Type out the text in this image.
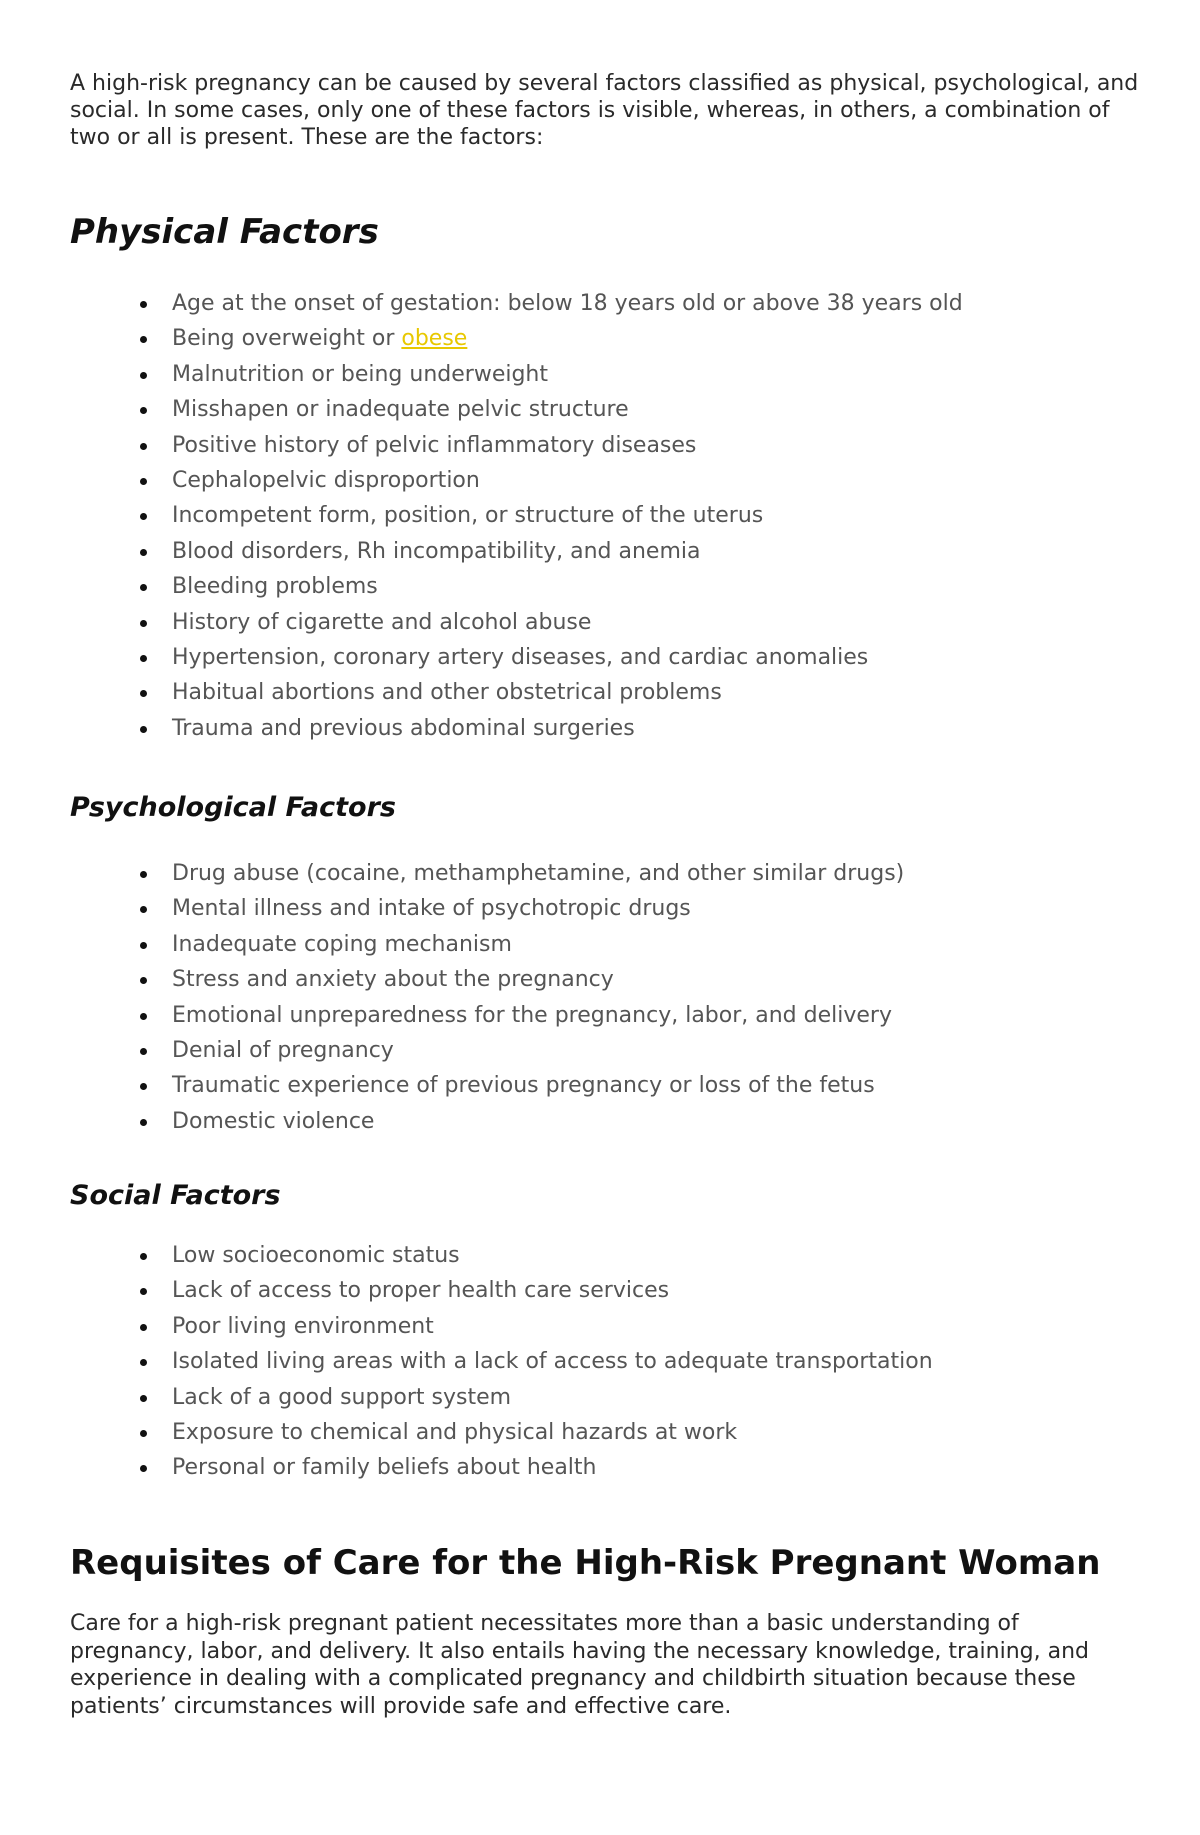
A high-risk pregnancy can be caused by several factors classified as physical, psychological, and social. In some cases, only one of these factors is visible, whereas, in others, a combination of two or all is present. These are the factors:

Physical Factors
Age at the onset of gestation: below 18 years old or above 38 years old
Being overweight or obese
Malnutrition or being underweight
Misshapen or inadequate pelvic structure
Positive history of pelvic inflammatory diseases
Cephalopelvic disproportion
Incompetent form, position, or structure of the uterus
Blood disorders, Rh incompatibility, and anemia
Bleeding problems
History of cigarette and alcohol abuse
Hypertension, coronary artery diseases, and cardiac anomalies
Habitual abortions and other obstetrical problems
Trauma and previous abdominal surgeries
Psychological Factors
Drug abuse (cocaine, methamphetamine, and other similar drugs)
Mental illness and intake of psychotropic drugs
Inadequate coping mechanism
Stress and anxiety about the pregnancy
Emotional unpreparedness for the pregnancy, labor, and delivery
Denial of pregnancy
Traumatic experience of previous pregnancy or loss of the fetus
Domestic violence
Social Factors
Low socioeconomic status
Lack of access to proper health care services
Poor living environment
Isolated living areas with a lack of access to adequate transportation
Lack of a good support system
Exposure to chemical and physical hazards at work
Personal or family beliefs about health
Requisites of Care for the High-Risk Pregnant Woman

Care for a high-risk pregnant patient necessitates more than a basic understanding of pregnancy, labor, and delivery. It also entails having the necessary knowledge, training, and experience in dealing with a complicated pregnancy and childbirth situation because these patients’ circumstances will provide safe and effective care.
